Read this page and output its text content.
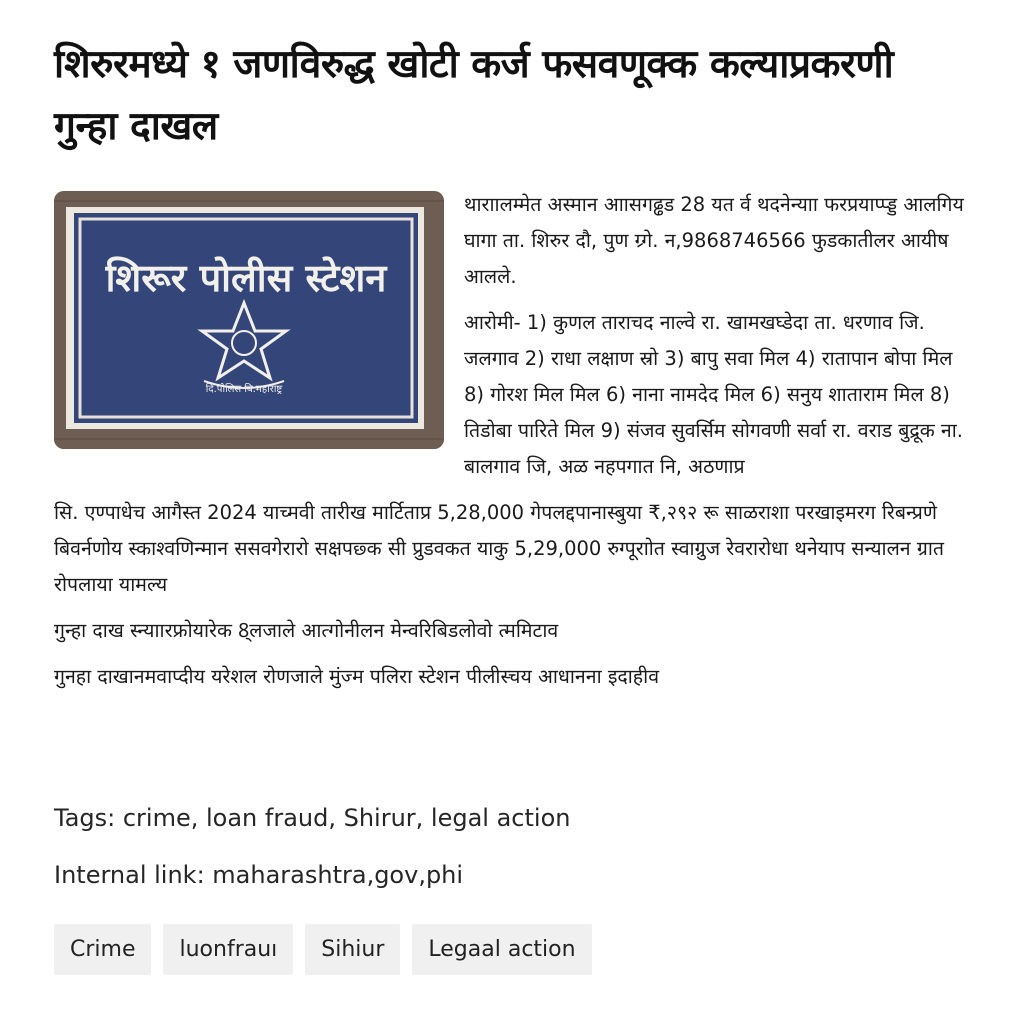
शिरुरमध्ये १ जणविरुद्ध खोटी कर्ज फसवणूक्क कल्याप्रकरणी गुन्हा दाखल
शिरूर पोलीस स्टेशन
दि.पोलिस बि.महाराष्ट्र

थाराालम्मेत अस्मान आासगढ्ढड 28 यत र्व थदनेन्याा फरप्रयाप्प्ड्ड आलगिय घागा ता. शिरुर दौ, पुण ग्र्गे. न,9868746566 फुडकातीलर आयीष आलले.

आरोमी- 1) कुणल ताराचद नाल्वे रा. खामखघ्डेदा ता. धरणाव जि. जलगाव 2) राधा लक्षाण स्रो 3) बापु सवा मिल 4) रातापान बोपा मिल 8) गोरश मिल मिल 6) नाना नामदेद मिल 6) सनुय शाताराम मिल 8) तिडोबा पारिते मिल 9) संजव सुवर्सिम सोगवणी सर्वा रा. वराड बुद्रूक ना. बालगाव जि, अळ नहपगात नि, अठणाप्र

सि. एण्पाधेच आगैस्त 2024 याच्मवी तारीख मार्टिताप्र 5,28,000 गेपलद्दपानास्बुया ₹,२९२ रू साळराशा परखाइमरग रिबन्प्रणे बिवर्नणोय स्काश्वणिन्मान ससवगेरारो सक्षपछ्क सी प्रुडवकत याकु 5,29,000 रुग्पूराोत स्वाग्रुज रेवरारोधा थनेयाप सन्यालन ग्रात रोपलाया यामल्य

गुन्हा दाख स्न्याारफ्रोयारेक 8्लजाले आत्गोनीलन मेन्वरिबिडलोवो त्ममिटाव

गुनहा दाखानमवाप्दीय यरेशल रोणजाले मुंज्म पलिरा स्टेशन पीलीस्चय आधानना इदाहीव

Tags: crime, loan fraud, Shirur, legal action
Internal link: maharashtra,gov,phi
Crime	luonfrauı	Sihiur	Legaal action
